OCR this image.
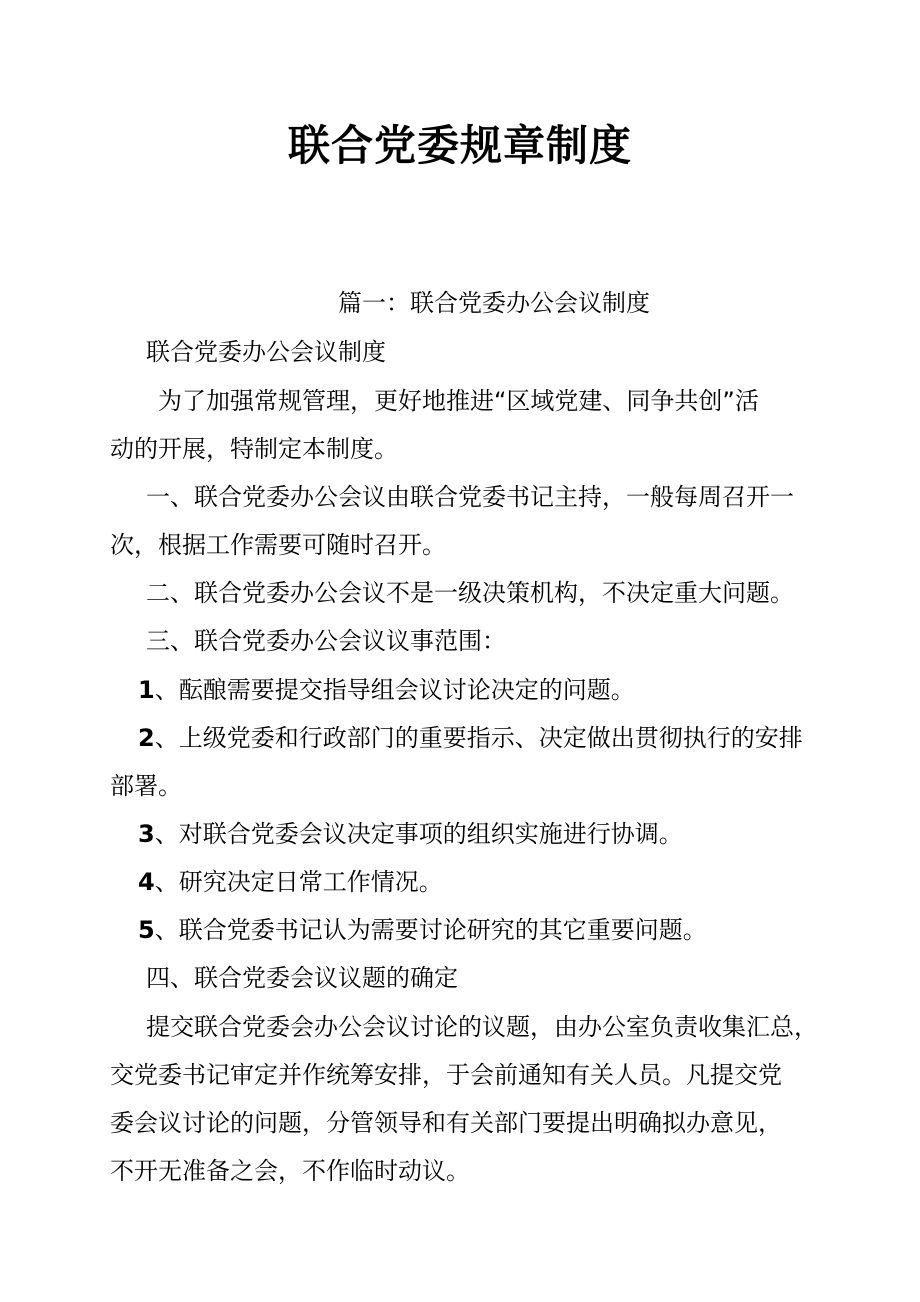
联合党委规章制度
篇一：联合党委办公会议制度
联合党委办公会议制度
为了加强常规管理，更好地推进“区域党建、同争共创”活
动的开展，特制定本制度。
一、联合党委办公会议由联合党委书记主持，一般每周召开一
次，根据工作需要可随时召开。
二、联合党委办公会议不是一级决策机构，不决定重大问题。
三、联合党委办公会议议事范围：
1、酝酿需要提交指导组会议讨论决定的问题。
2、上级党委和行政部门的重要指示、决定做出贯彻执行的安排
部署。
3、对联合党委会议决定事项的组织实施进行协调。
4、研究决定日常工作情况。
5、联合党委书记认为需要讨论研究的其它重要问题。
四、联合党委会议议题的确定
提交联合党委会办公会议讨论的议题，由办公室负责收集汇总，
交党委书记审定并作统筹安排，于会前通知有关人员。凡提交党
委会议讨论的问题，分管领导和有关部门要提出明确拟办意见，
不开无准备之会，不作临时动议。
